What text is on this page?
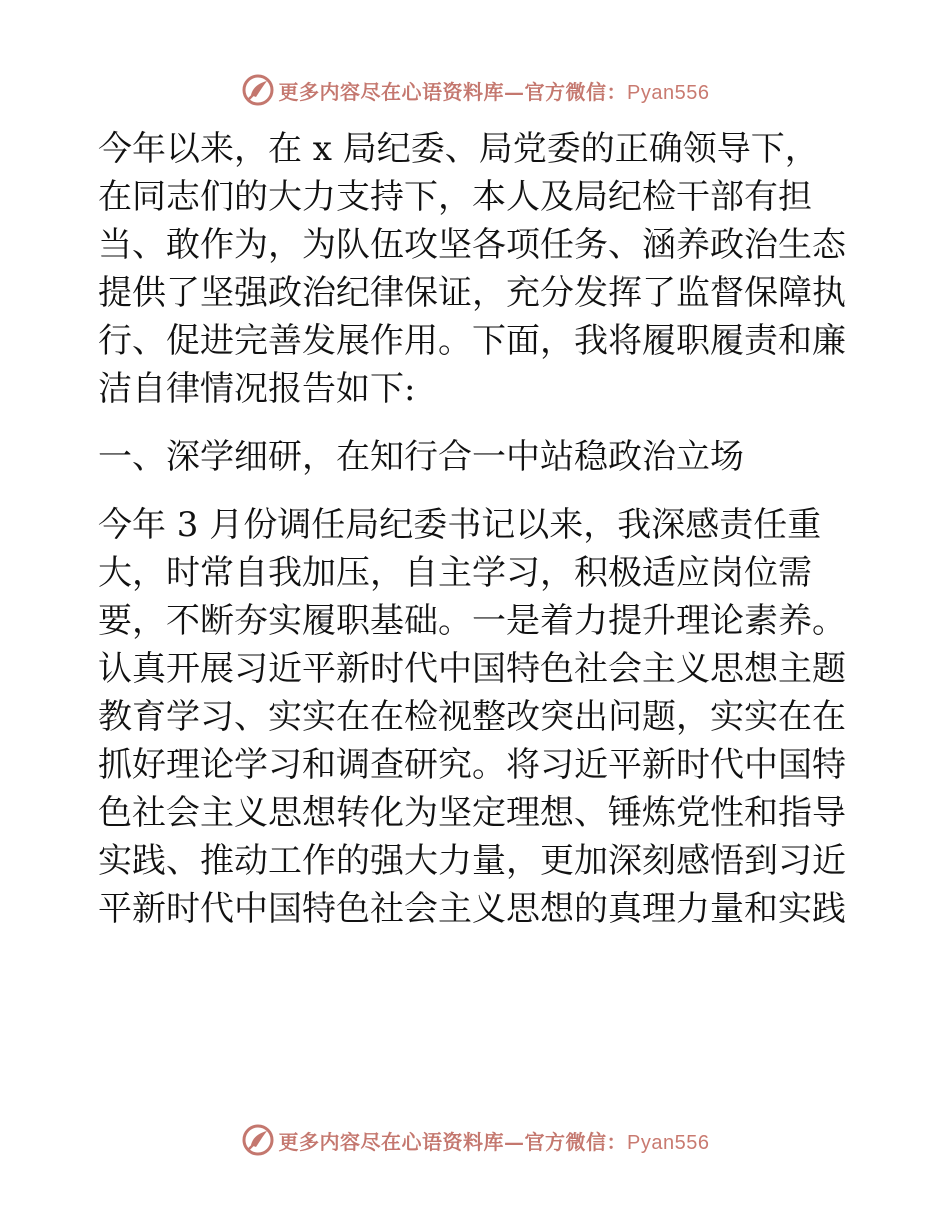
更多内容尽在心语资料库—官方微信：Pyan556
今年以来，在 x 局纪委、局党委的正确领导下，
在同志们的大力支持下，本人及局纪检干部有担
当、敢作为，为队伍攻坚各项任务、涵养政治生态
提供了坚强政治纪律保证，充分发挥了监督保障执
行、促进完善发展作用。下面，我将履职履责和廉
洁自律情况报告如下:
一、深学细研，在知行合一中站稳政治立场
今年 3 月份调任局纪委书记以来，我深感责任重
大，时常自我加压，自主学习，积极适应岗位需
要，不断夯实履职基础。一是着力提升理论素养。
认真开展习近平新时代中国特色社会主义思想主题
教育学习、实实在在检视整改突出问题，实实在在
抓好理论学习和调查研究。将习近平新时代中国特
色社会主义思想转化为坚定理想、锤炼党性和指导
实践、推动工作的强大力量，更加深刻感悟到习近
平新时代中国特色社会主义思想的真理力量和实践
更多内容尽在心语资料库—官方微信：Pyan556
